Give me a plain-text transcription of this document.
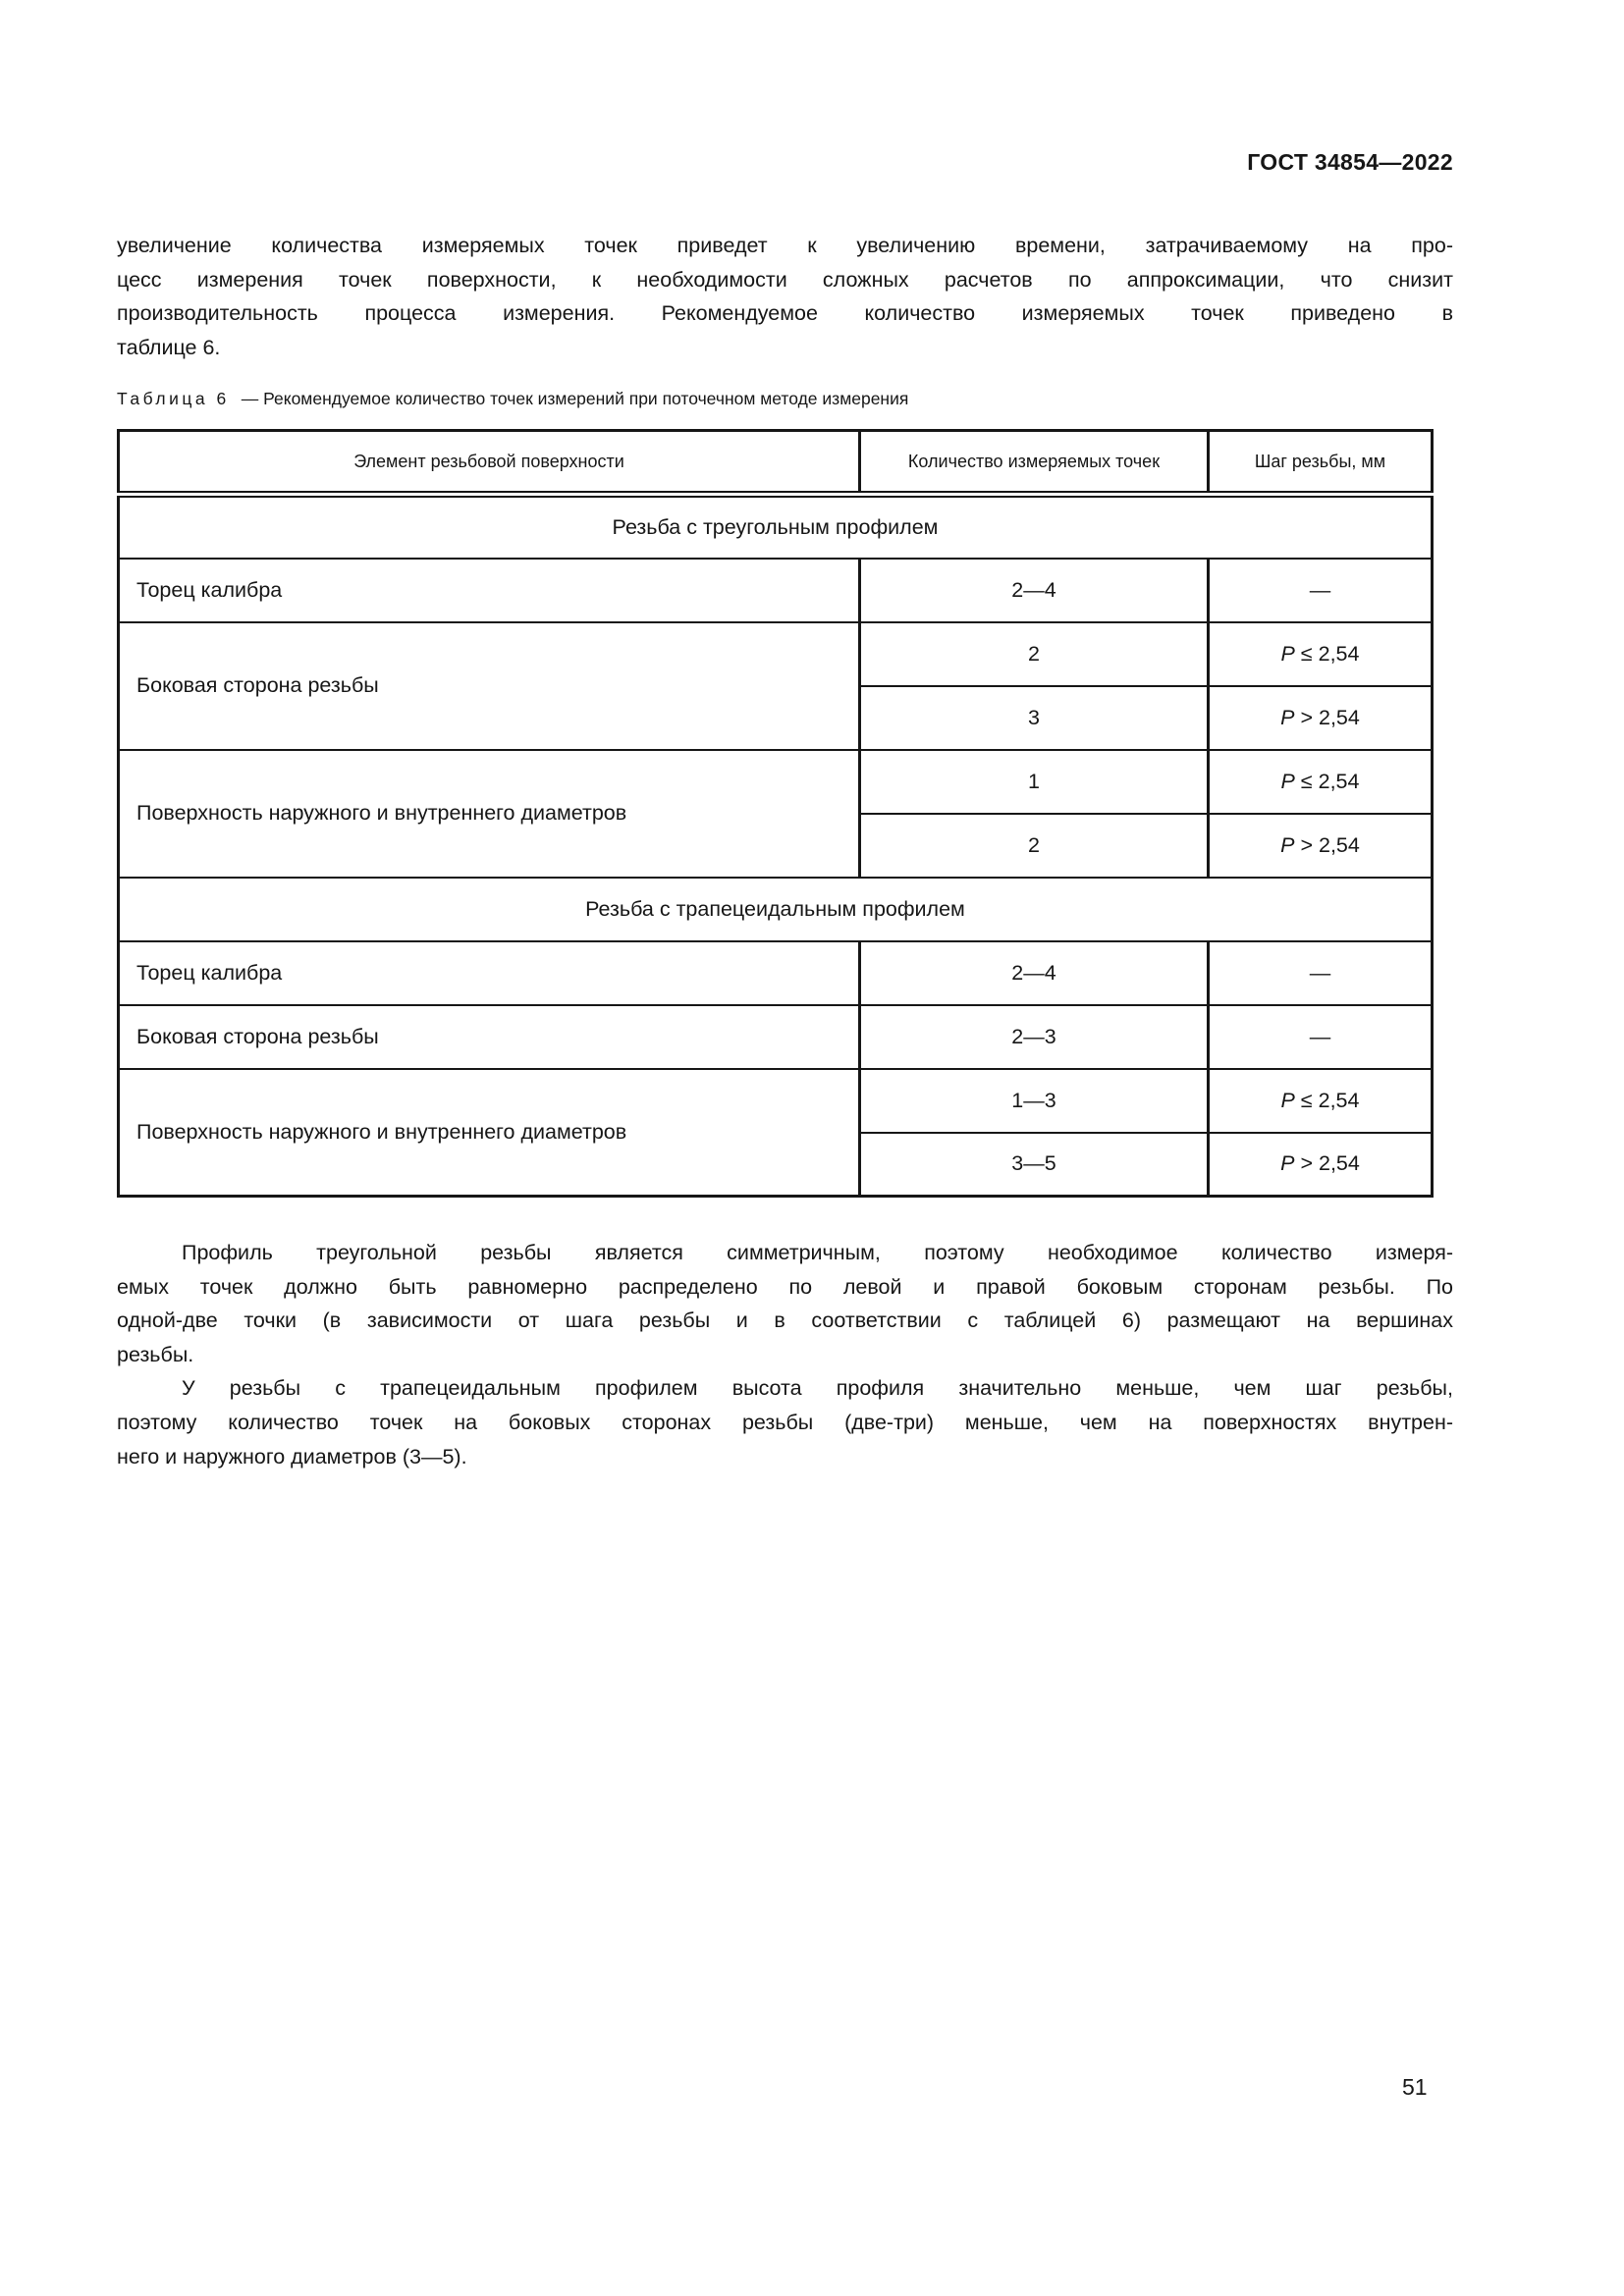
ГОСТ 34854—2022
увеличение количества измеряемых точек приведет к увеличению времени, затрачиваемому на про-
цесс измерения точек поверхности, к необходимости сложных расчетов по аппроксимации, что снизит
производительность процесса измерения. Рекомендуемое количество измеряемых точек приведено в
таблице 6.
Таблица 6 — Рекомендуемое количество точек измерений при поточечном методе измерения
Элемент резьбовой поверхности	Количество измеряемых точек	Шаг резьбы, мм
Резьба с треугольным профилем		
Торец калибра	2—4	—
Боковая сторона резьбы	2	P ≤ 2,54
	3	P > 2,54
Поверхность наружного и внутреннего диаметров	1	P ≤ 2,54
	2	P > 2,54
Резьба с трапецеидальным профилем		
Торец калибра	2—4	—
Боковая сторона резьбы	2—3	—
Поверхность наружного и внутреннего диаметров	1—3	P ≤ 2,54
	3—5	P > 2,54
Профиль треугольной резьбы является симметричным, поэтому необходимое количество измеря-
емых точек должно быть равномерно распределено по левой и правой боковым сторонам резьбы. По
одной-две точки (в зависимости от шага резьбы и в соответствии с таблицей 6) размещают на вершинах
резьбы.
У резьбы с трапецеидальным профилем высота профиля значительно меньше, чем шаг резьбы,
поэтому количество точек на боковых сторонах резьбы (две-три) меньше, чем на поверхностях внутрен-
него и наружного диаметров (3—5).
51
